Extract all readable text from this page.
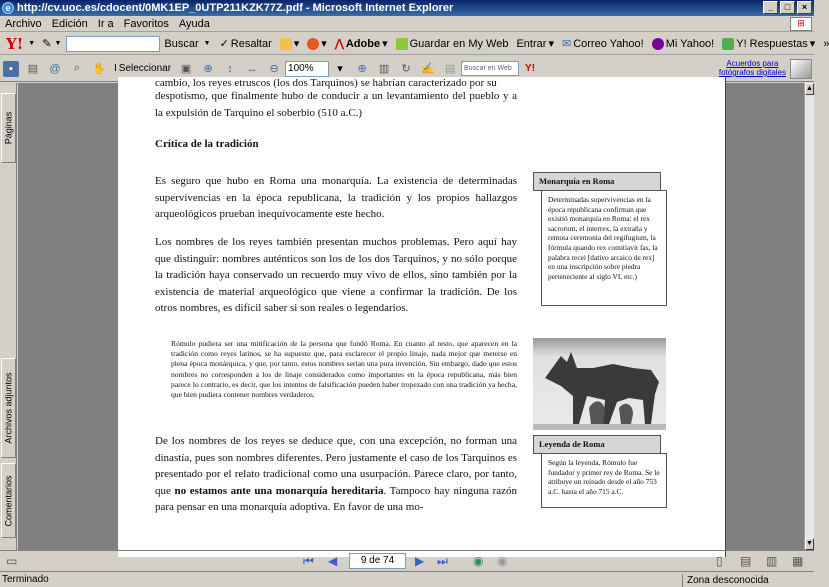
e http://cv.uoc.es/cdocent/0MK1EP_0UTP211KZK77Z.pdf - Microsoft Internet Explorer	_	□	×
Archivo Edición Ir a Favoritos Ayuda	⊞
Y! ▼ ✎ ▼	Buscar ▼ ✓ Resaltar	▾	▾ ⋀ Adobe ▾ Guardar en My Web Entrar ▾ ✉ Correo Yahoo! Mi Yahoo! Y! Respuestas ▾ »
▪	▤ @	⌕	✋ I Seleccionar ▣	⊕	↕	↔	⊖ 100%	▾	⊕	▥	↻ ✍ ▤	Buscar en Web	Y!	Acuerdos para
fotógrafos digitales
Páginas
Archivos adjuntos
Comentarios
cambio, los reyes etruscos (los dos Tarquinos) se habrían caracterizado por su
despotismo, que finalmente hubo de conducir a un levantamiento del pueblo y a la expulsión de Tarquino el soberbio (510 a.C.)
Crítica de la tradición
Es seguro que hubo en Roma una monarquía. La existencia de determinadas supervivencias en la época republicana, la tradición y los propios hallazgos arqueológicos prueban inequívocamente este hecho.
Los nombres de los reyes también presentan muchos problemas. Pero aquí hay que distinguir: nombres auténticos son los de los dos Tarquinos, y no sólo porque la tradición haya conservado un recuerdo muy vivo de ellos, sino también por la existencia de material arqueológico que viene a confirmar la tradición. De los otros nombres, es difícil saber si son reales o legendarios.
Rómulo pudiera ser una mitificación de la persona que fundó Roma. En cuanto al resto, que aparecen en la tradición como reyes latinos, se ha supuesto que, para esclarecer el propio linaje, nada mejor que meterse en plena época monárquica, y que, por tanto, estos nombres serían una pura invención. Sin embargo, dado que estos nombres no corresponden a los de linaje considerados como importantes en la época republicana, más bien parece lo contrario, es decir, que los intentos de falsificación pueden haber tropezado con una tradición ya hecha, que bien pudiera contener nombres verdaderos.
De los nombres de los reyes se deduce que, con una excepción, no forman una dinastía, pues son nombres diferentes. Pero justamente el caso de los Tarquinos es presentado por el relato tradicional como una usurpación. Parece claro, por tanto, que no estamos ante una monarquía hereditaria. Tampoco hay ninguna razón para pensar en una monarquía adoptiva. En favor de una mo-
Monarquía en Roma
Determinadas supervivencias en la época republicana confirman que existió monarquía en Roma: el rex sacrorum, el interrex, la extraña y remota ceremonia del regifugium, la fórmula quando rex comitiavit fas, la palabra recei [dativo arcaico de rex] en una inscripción sobre piedra perteneciente al siglo VI, etc.)
Leyenda de Roma
Según la leyenda, Rómulo fue fundador y primer rey de Roma. Se le atribuye un reinado desde el año 753 a.C. hasta el año 715 a.C.
▲
▼
▭	⏮ ◀	9 de 74	▶ ⏭ ◉ ◉	▯ ▤ ▥ ▦
Terminado	Zona desconocida
